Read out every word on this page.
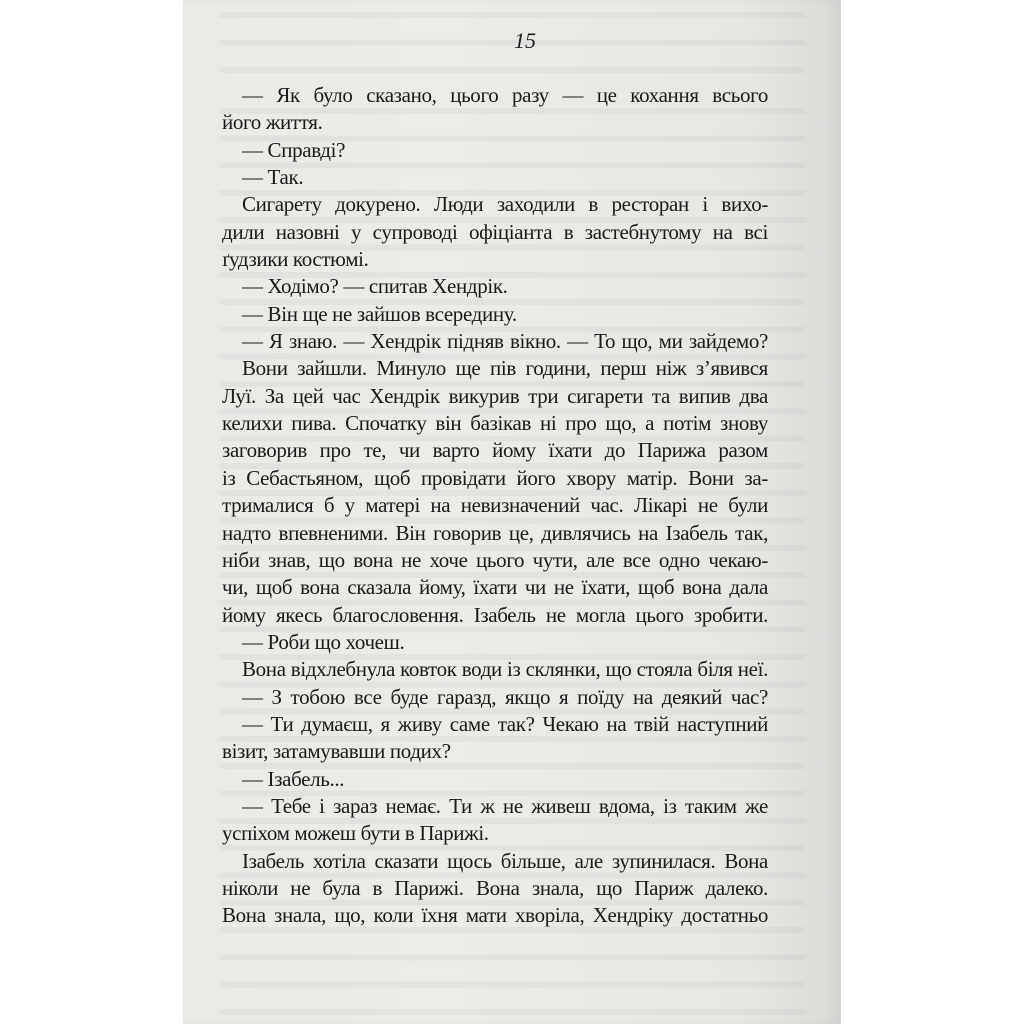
15
— Як було сказано, цього разу — це кохання всього
його життя.
— Справді?
— Так.
Сигарету докурено. Люди заходили в ресторан і вихо-
дили назовні у супроводі офіціанта в застебнутому на всі
ґудзики костюмі.
— Ходімо? — спитав Хендрік.
— Він ще не зайшов всередину.
— Я знаю. — Хендрік підняв вікно. — То що, ми зайдемо?
Вони зайшли. Минуло ще пів години, перш ніж з’явився
Луї. За цей час Хендрік викурив три сигарети та випив два
келихи пива. Спочатку він базікав ні про що, а потім знову
заговорив про те, чи варто йому їхати до Парижа разом
із Себастьяном, щоб провідати його хвору матір. Вони за-
трималися б у матері на невизначений час. Лікарі не були
надто впевненими. Він говорив це, дивлячись на Ізабель так,
ніби знав, що вона не хоче цього чути, але все одно чекаю-
чи, щоб вона сказала йому, їхати чи не їхати, щоб вона дала
йому якесь благословення. Ізабель не могла цього зробити.
— Роби що хочеш.
Вона відхлебнула ковток води із склянки, що стояла біля неї.
— З тобою все буде гаразд, якщо я поїду на деякий час?
— Ти думаєш, я живу саме так? Чекаю на твій наступний
візит, затамувавши подих?
— Ізабель...
— Тебе і зараз немає. Ти ж не живеш вдома, із таким же
успіхом можеш бути в Парижі.
Ізабель хотіла сказати щось більше, але зупинилася. Вона
ніколи не була в Парижі. Вона знала, що Париж далеко.
Вона знала, що, коли їхня мати хворіла, Хендріку достатньо
